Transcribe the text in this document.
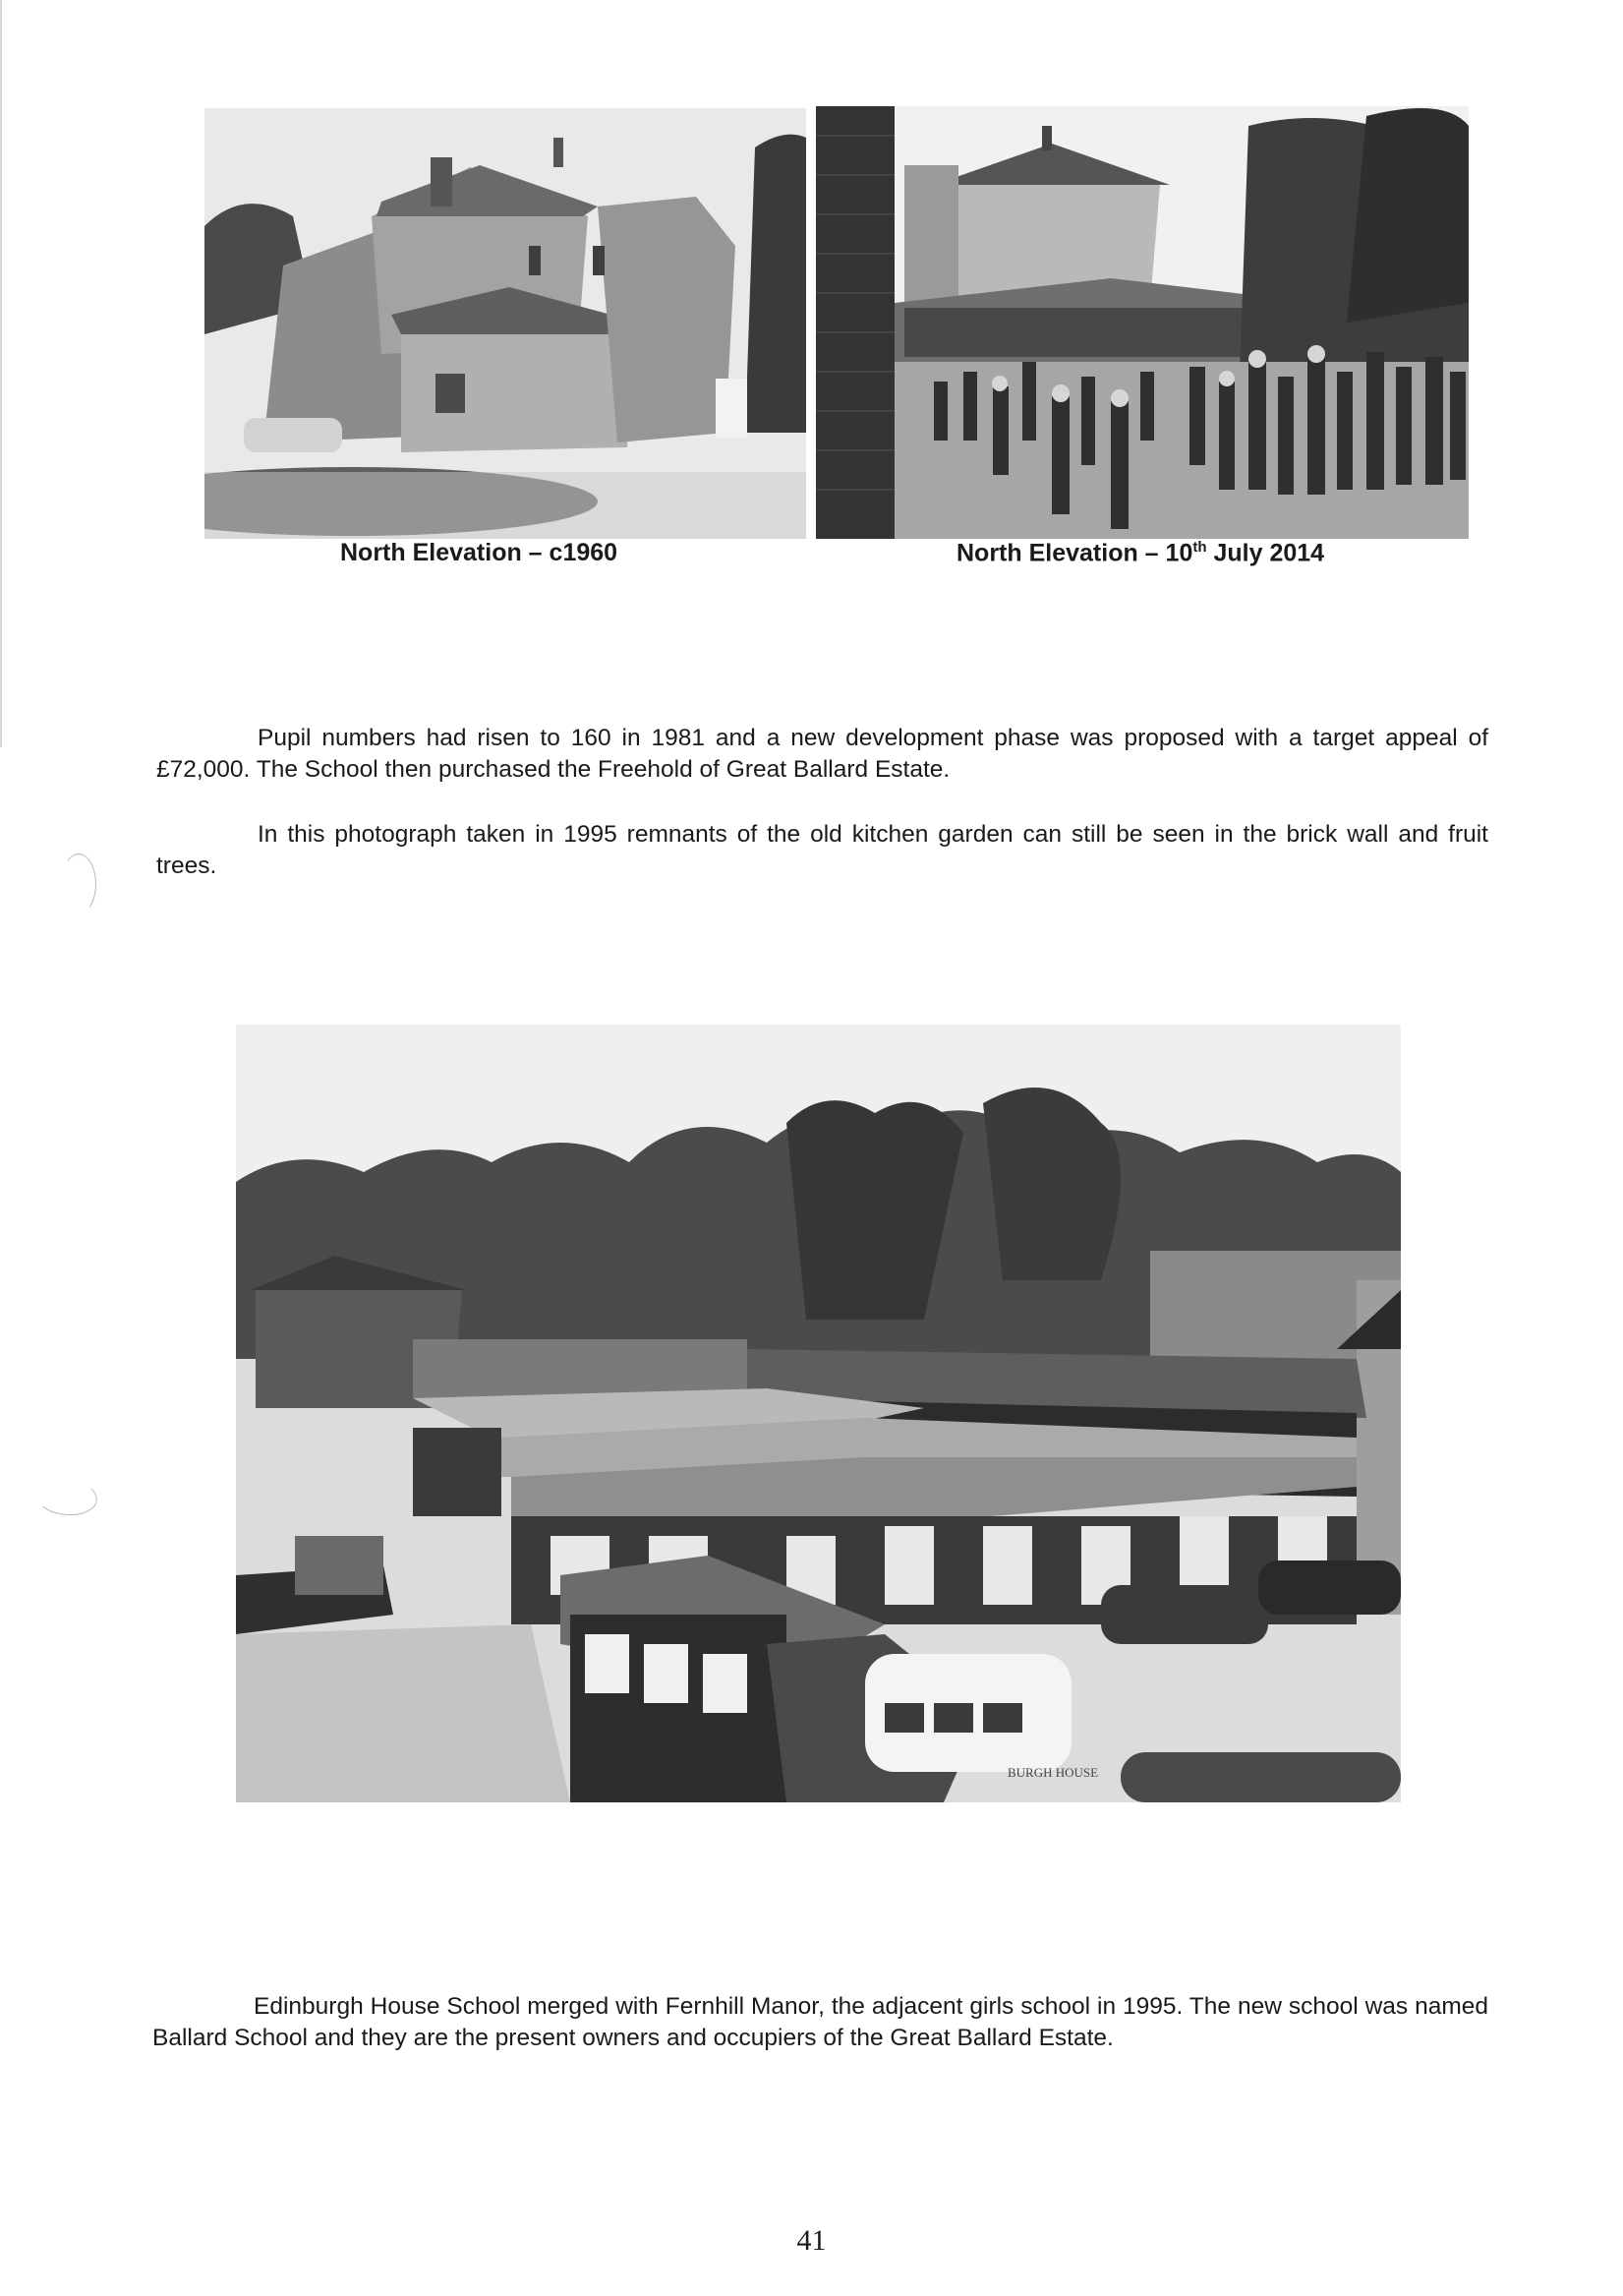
North Elevation – c1960	North Elevation – 10th July 2014
Pupil numbers had risen to 160 in 1981 and a new development phase was proposed with a target appeal of £72,000. The School then purchased the Freehold of Great Ballard Estate.
In this photograph taken in 1995 remnants of the old kitchen garden can still be seen in the brick wall and fruit trees.
BURGH HOUSE
Edinburgh House School merged with Fernhill Manor, the adjacent girls school in 1995. The new school was named Ballard School and they are the present owners and occupiers of the Great Ballard Estate.
41
